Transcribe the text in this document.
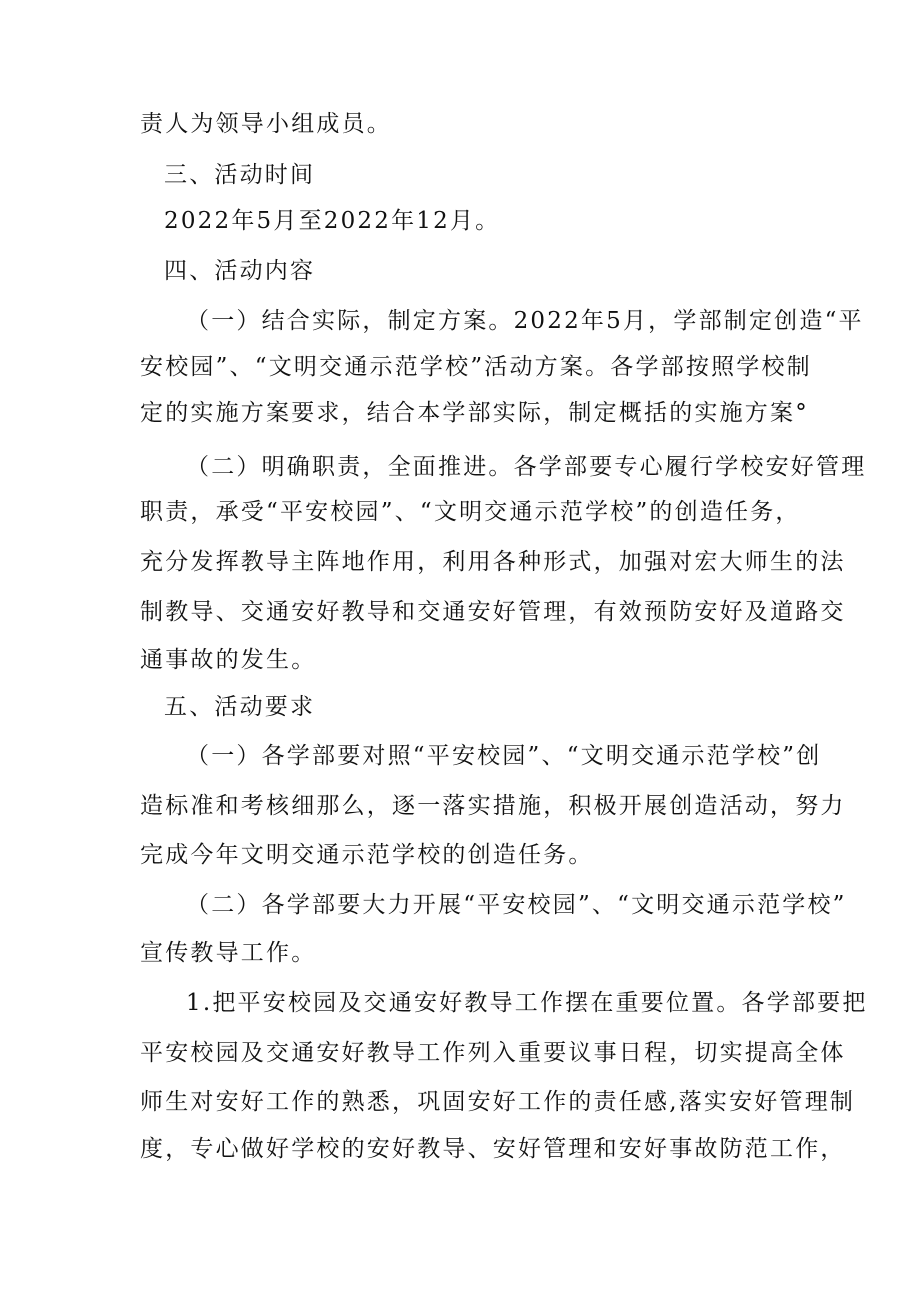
责人为领导小组成员。
三、活动时间
2022年5月至2022年12月。
四、活动内容
（一）结合实际，制定方案。2022年5月，学部制定创造“平
安校园”、“文明交通示范学校”活动方案。各学部按照学校制
定的实施方案要求，结合本学部实际，制定概括的实施方案°
（二）明确职责，全面推进。各学部要专心履行学校安好管理
职责，承受“平安校园”、“文明交通示范学校”的创造任务，
充分发挥教导主阵地作用，利用各种形式，加强对宏大师生的法
制教导、交通安好教导和交通安好管理，有效预防安好及道路交
通事故的发生。
五、活动要求
（一）各学部要对照“平安校园”、“文明交通示范学校”创
造标准和考核细那么，逐一落实措施，积极开展创造活动，努力
完成今年文明交通示范学校的创造任务。
（二）各学部要大力开展“平安校园”、“文明交通示范学校”
宣传教导工作。
1.把平安校园及交通安好教导工作摆在重要位置。各学部要把
平安校园及交通安好教导工作列入重要议事日程，切实提高全体
师生对安好工作的熟悉，巩固安好工作的责任感,落实安好管理制
度，专心做好学校的安好教导、安好管理和安好事故防范工作，
